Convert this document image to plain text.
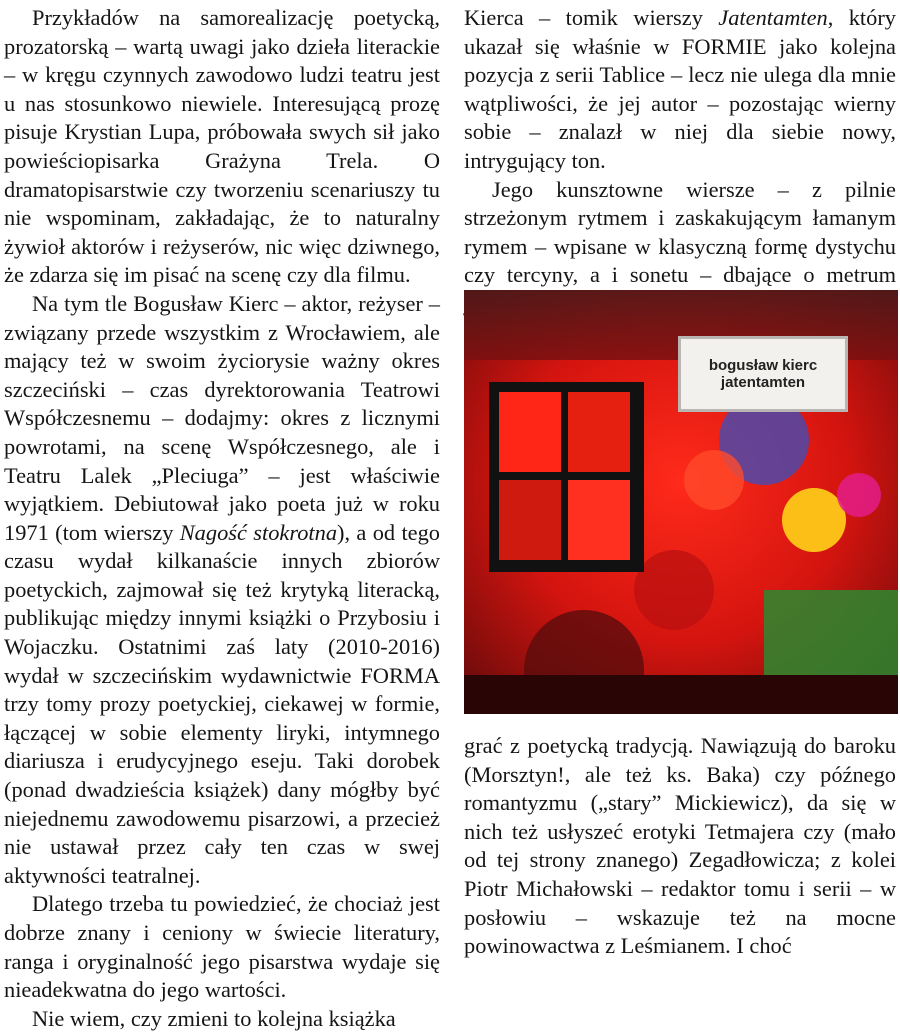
Przykładów na samorealizację poetycką, prozatorską – wartą uwagi jako dzieła literackie – w kręgu czynnych zawodowo ludzi teatru jest u nas stosunkowo niewiele. Interesującą prozę pisuje Krystian Lupa, próbowała swych sił jako powieściopisarka Grażyna Trela. O dramatopisarstwie czy tworzeniu scenariuszy tu nie wspominam, zakładając, że to naturalny żywioł aktorów i reżyserów, nic więc dziwnego, że zdarza się im pisać na scenę czy dla filmu.

Na tym tle Bogusław Kierc – aktor, reżyser – związany przede wszystkim z Wrocławiem, ale mający też w swoim życiorysie ważny okres szczeciński – czas dyrektorowania Teatrowi Współczesnemu – dodajmy: okres z licznymi powrotami, na scenę Współczesnego, ale i Teatru Lalek „Pleciuga” – jest właściwie wyjątkiem. Debiutował jako poeta już w roku 1971 (tom wierszy Nagość stokrotna), a od tego czasu wydał kilkanaście innych zbiorów poetyckich, zajmował się też krytyką literacką, publikując między innymi książki o Przybosiu i Wojaczku. Ostatnimi zaś laty (2010-2016) wydał w szczecińskim wydawnictwie FORMA trzy tomy prozy poetyckiej, ciekawej w formie, łączącej w sobie elementy liryki, intymnego diariusza i erudycyjnego eseju. Taki dorobek (ponad dwadzieścia książek) dany mógłby być niejednemu zawodowemu pisarzowi, a przecież nie ustawał przez cały ten czas w swej aktywności teatralnej.

Dlatego trzeba tu powiedzieć, że chociaż jest dobrze znany i ceniony w świecie literatury, ranga i oryginalność jego pisarstwa wydaje się nieadekwatna do jego wartości.

Nie wiem, czy zmieni to kolejna książka

Kierca – tomik wierszy Jatentamten, który ukazał się właśnie w FORMIE jako kolejna pozycja z serii Tablice – lecz nie ulega dla mnie wątpliwości, że jej autor – pozostając wierny sobie – znalazł w niej dla siebie nowy, intrygujący ton.

Jego kunsztowne wiersze – z pilnie strzeżonym rytmem i zaskakującym łamanym rymem – wpisane w klasyczną formę dystychu czy tercyny, a i sonetu – dbające o metrum

grać z poetycką tradycją. Nawiązują do baroku (Morsztyn!, ale też ks. Baka) czy późnego romantyzmu („stary” Mickiewicz), da się w nich też usłyszeć erotyki Tetmajera czy (mało od tej strony znanego) Zegadłowicza; z kolei Piotr Michałowski – redaktor tomu i serii – w posłowiu – wskazuje też na mocne powinowactwa z Leśmianem. I choć

bogusław kierc
jatentamten
